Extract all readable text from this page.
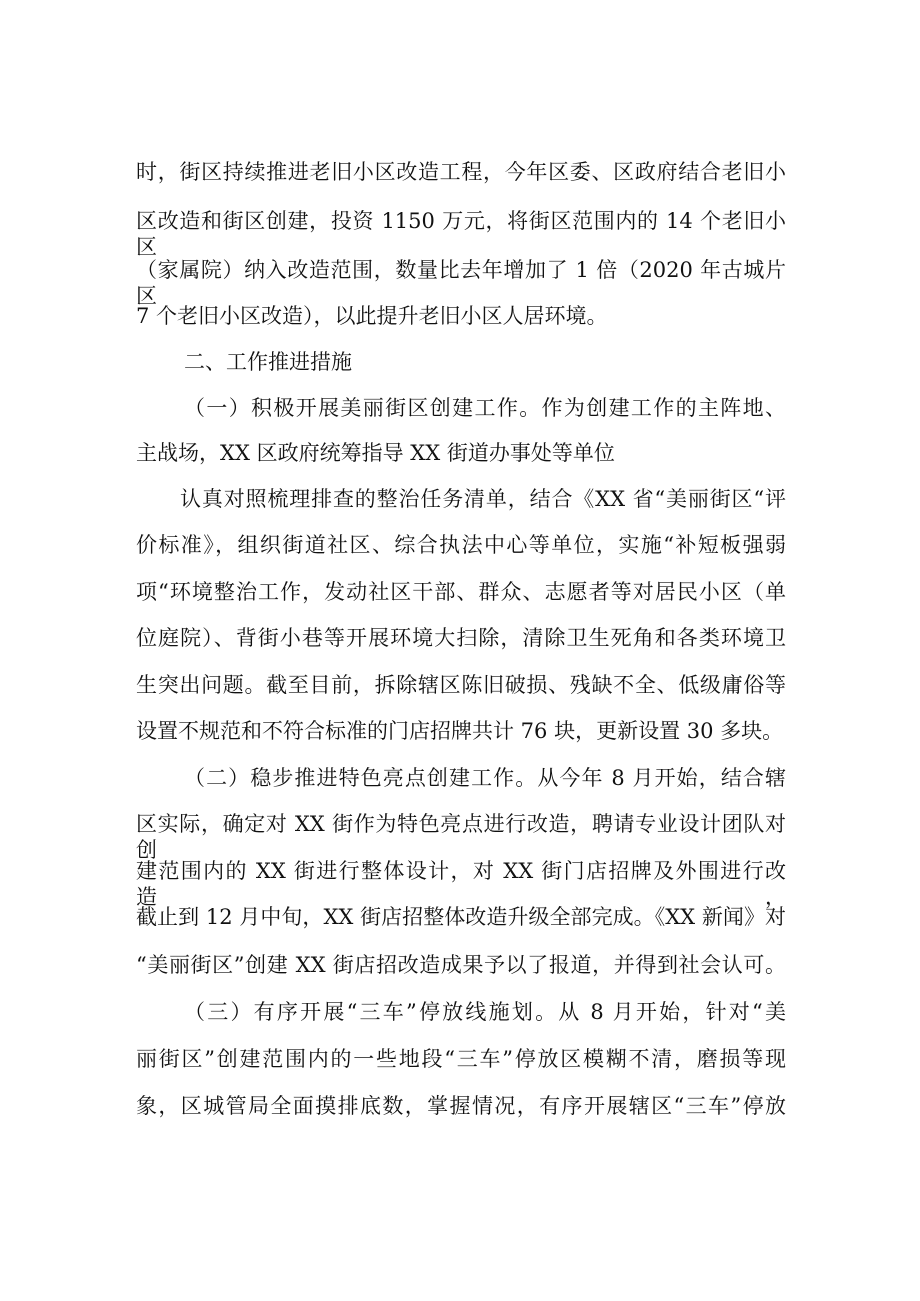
时，街区持续推进老旧小区改造工程，今年区委、区政府结合老旧小
区改造和街区创建，投资 1150 万元，将街区范围内的 14 个老旧小区
（家属院）纳入改造范围，数量比去年增加了 1 倍（2020 年古城片区
7 个老旧小区改造），以此提升老旧小区人居环境。
二、工作推进措施
（一）积极开展美丽街区创建工作。作为创建工作的主阵地、
主战场，XX 区政府统筹指导 XX 街道办事处等单位
认真对照梳理排查的整治任务清单，结合《XX 省“美丽街区“评
价标准》，组织街道社区、综合执法中心等单位，实施“补短板强弱
项“环境整治工作，发动社区干部、群众、志愿者等对居民小区（单
位庭院）、背街小巷等开展环境大扫除，清除卫生死角和各类环境卫
生突出问题。截至目前，拆除辖区陈旧破损、残缺不全、低级庸俗等
设置不规范和不符合标准的门店招牌共计 76 块，更新设置 30 多块。
（二）稳步推进特色亮点创建工作。从今年 8 月开始，结合辖
区实际，确定对 XX 街作为特色亮点进行改造，聘请专业设计团队对创
建范围内的 XX 街进行整体设计，对 XX 街门店招牌及外围进行改造，
截止到 12 月中旬，XX 街店招整体改造升级全部完成。《XX 新闻》对
“美丽街区”创建 XX 街店招改造成果予以了报道，并得到社会认可。
（三）有序开展“三车”停放线施划。从 8 月开始，针对“美
丽街区”创建范围内的一些地段“三车”停放区模糊不清，磨损等现
象，区城管局全面摸排底数，掌握情况，有序开展辖区“三车”停放
